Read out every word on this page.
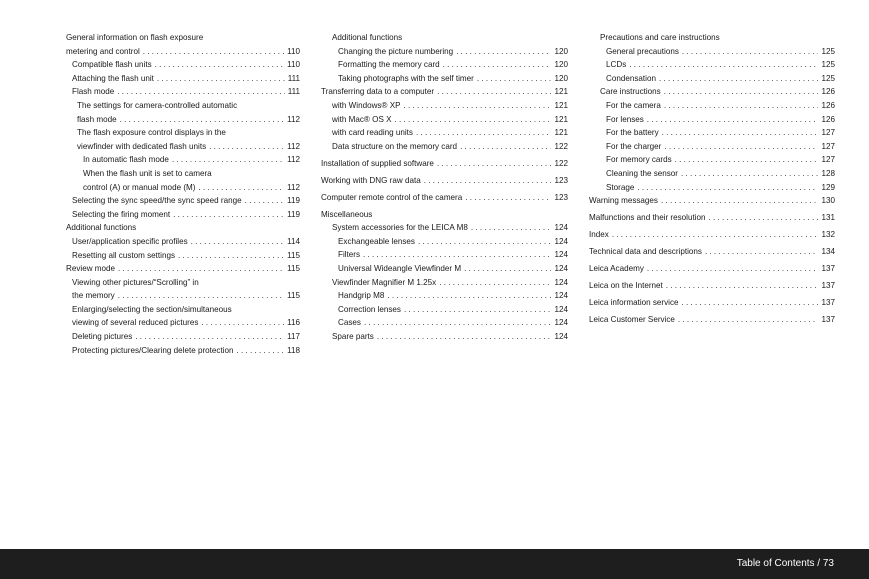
General information on flash exposure
metering and control . . .	110
Compatible flash units . . .	110
Attaching the flash unit . . .	111
Flash mode . . .	111
The settings for camera-controlled automatic
flash mode . . .	112
The flash exposure control displays in the
viewfinder with dedicated flash units . . .	112
In automatic flash mode . . .	112
When the flash unit is set to camera
control (A) or manual mode (M) . . .	112
Selecting the sync speed/the sync speed range . . .	119
Selecting the firing moment . . .	119
Additional functions
User/application specific profiles . . .	114
Resetting all custom settings . . .	115
Review mode . . .	115
Viewing other pictures/“Scrolling” in
the memory . . .	115
Enlarging/selecting the section/simultaneous
viewing of several reduced pictures . . .	116
Deleting pictures . . .	117
Protecting pictures/Clearing delete protection . . .	118
Additional functions
Changing the picture numbering . . .	120
Formatting the memory card . . .	120
Taking photographs with the self timer . . .	120
Transferring data to a computer . . .	121
with Windows® XP . . .	121
with Mac® OS X . . .	121
with card reading units . . .	121
Data structure on the memory card . . .	122
Installation of supplied software . . .	122
Working with DNG raw data . . .	123
Computer remote control of the camera . . .	123
Miscellaneous
System accessories for the LEICA M8 . . .	124
Exchangeable lenses . . .	124
Filters . . .	124
Universal Wideangle Viewfinder M . . .	124
Viewfinder Magnifier M 1.25x . . .	124
Handgrip M8 . . .	124
Correction lenses . . .	124
Cases . . .	124
Spare parts . . .	124
Precautions and care instructions
General precautions . . .	125
LCDs . . .	125
Condensation . . .	125
Care instructions . . .	126
For the camera . . .	126
For lenses . . .	126
For the battery . . .	127
For the charger . . .	127
For memory cards . . .	127
Cleaning the sensor . . .	128
Storage . . .	129
Warning messages . . .	130
Malfunctions and their resolution . . .	131
Index . . .	132
Technical data and descriptions . . .	134
Leica Academy . . .	137
Leica on the Internet . . .	137
Leica information service . . .	137
Leica Customer Service . . .	137
Table of Contents / 73
